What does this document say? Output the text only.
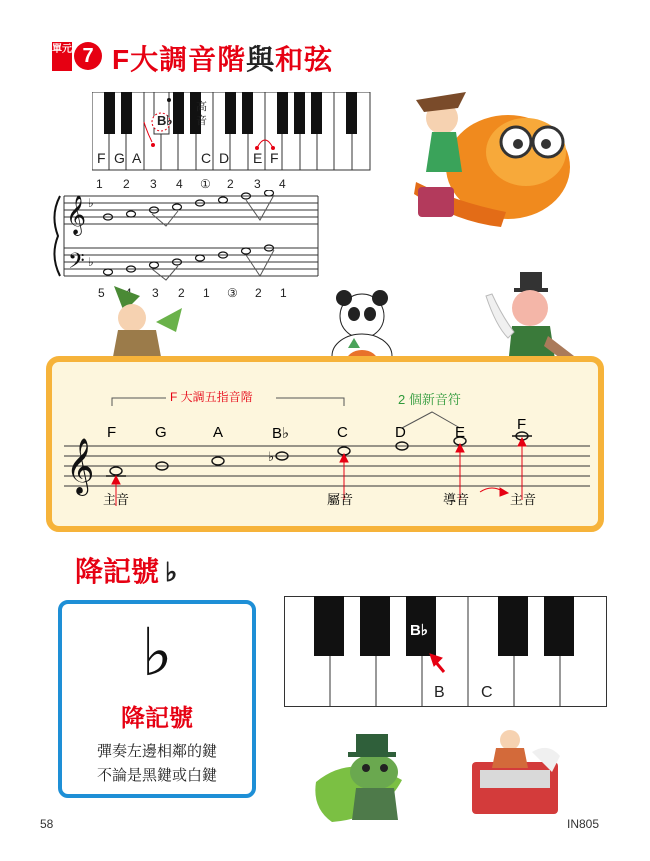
單元 7 F大調音階與和弦
B♭
高
音
F G A	C D E F
1 2 3 4 ① 2 3 4
𝄞
𝄢
♭
♭
5	3 2 1 ③ 2 1
𝄞	♭
F 大調五指音階	2 個新音符
F	G	A	B♭	C	D	E	F
主音	屬音	導音	主音
降記號 ♭
♭
降記號
彈奏左邊相鄰的鍵
不論是黑鍵或白鍵
B♭
B C
58	IN805
